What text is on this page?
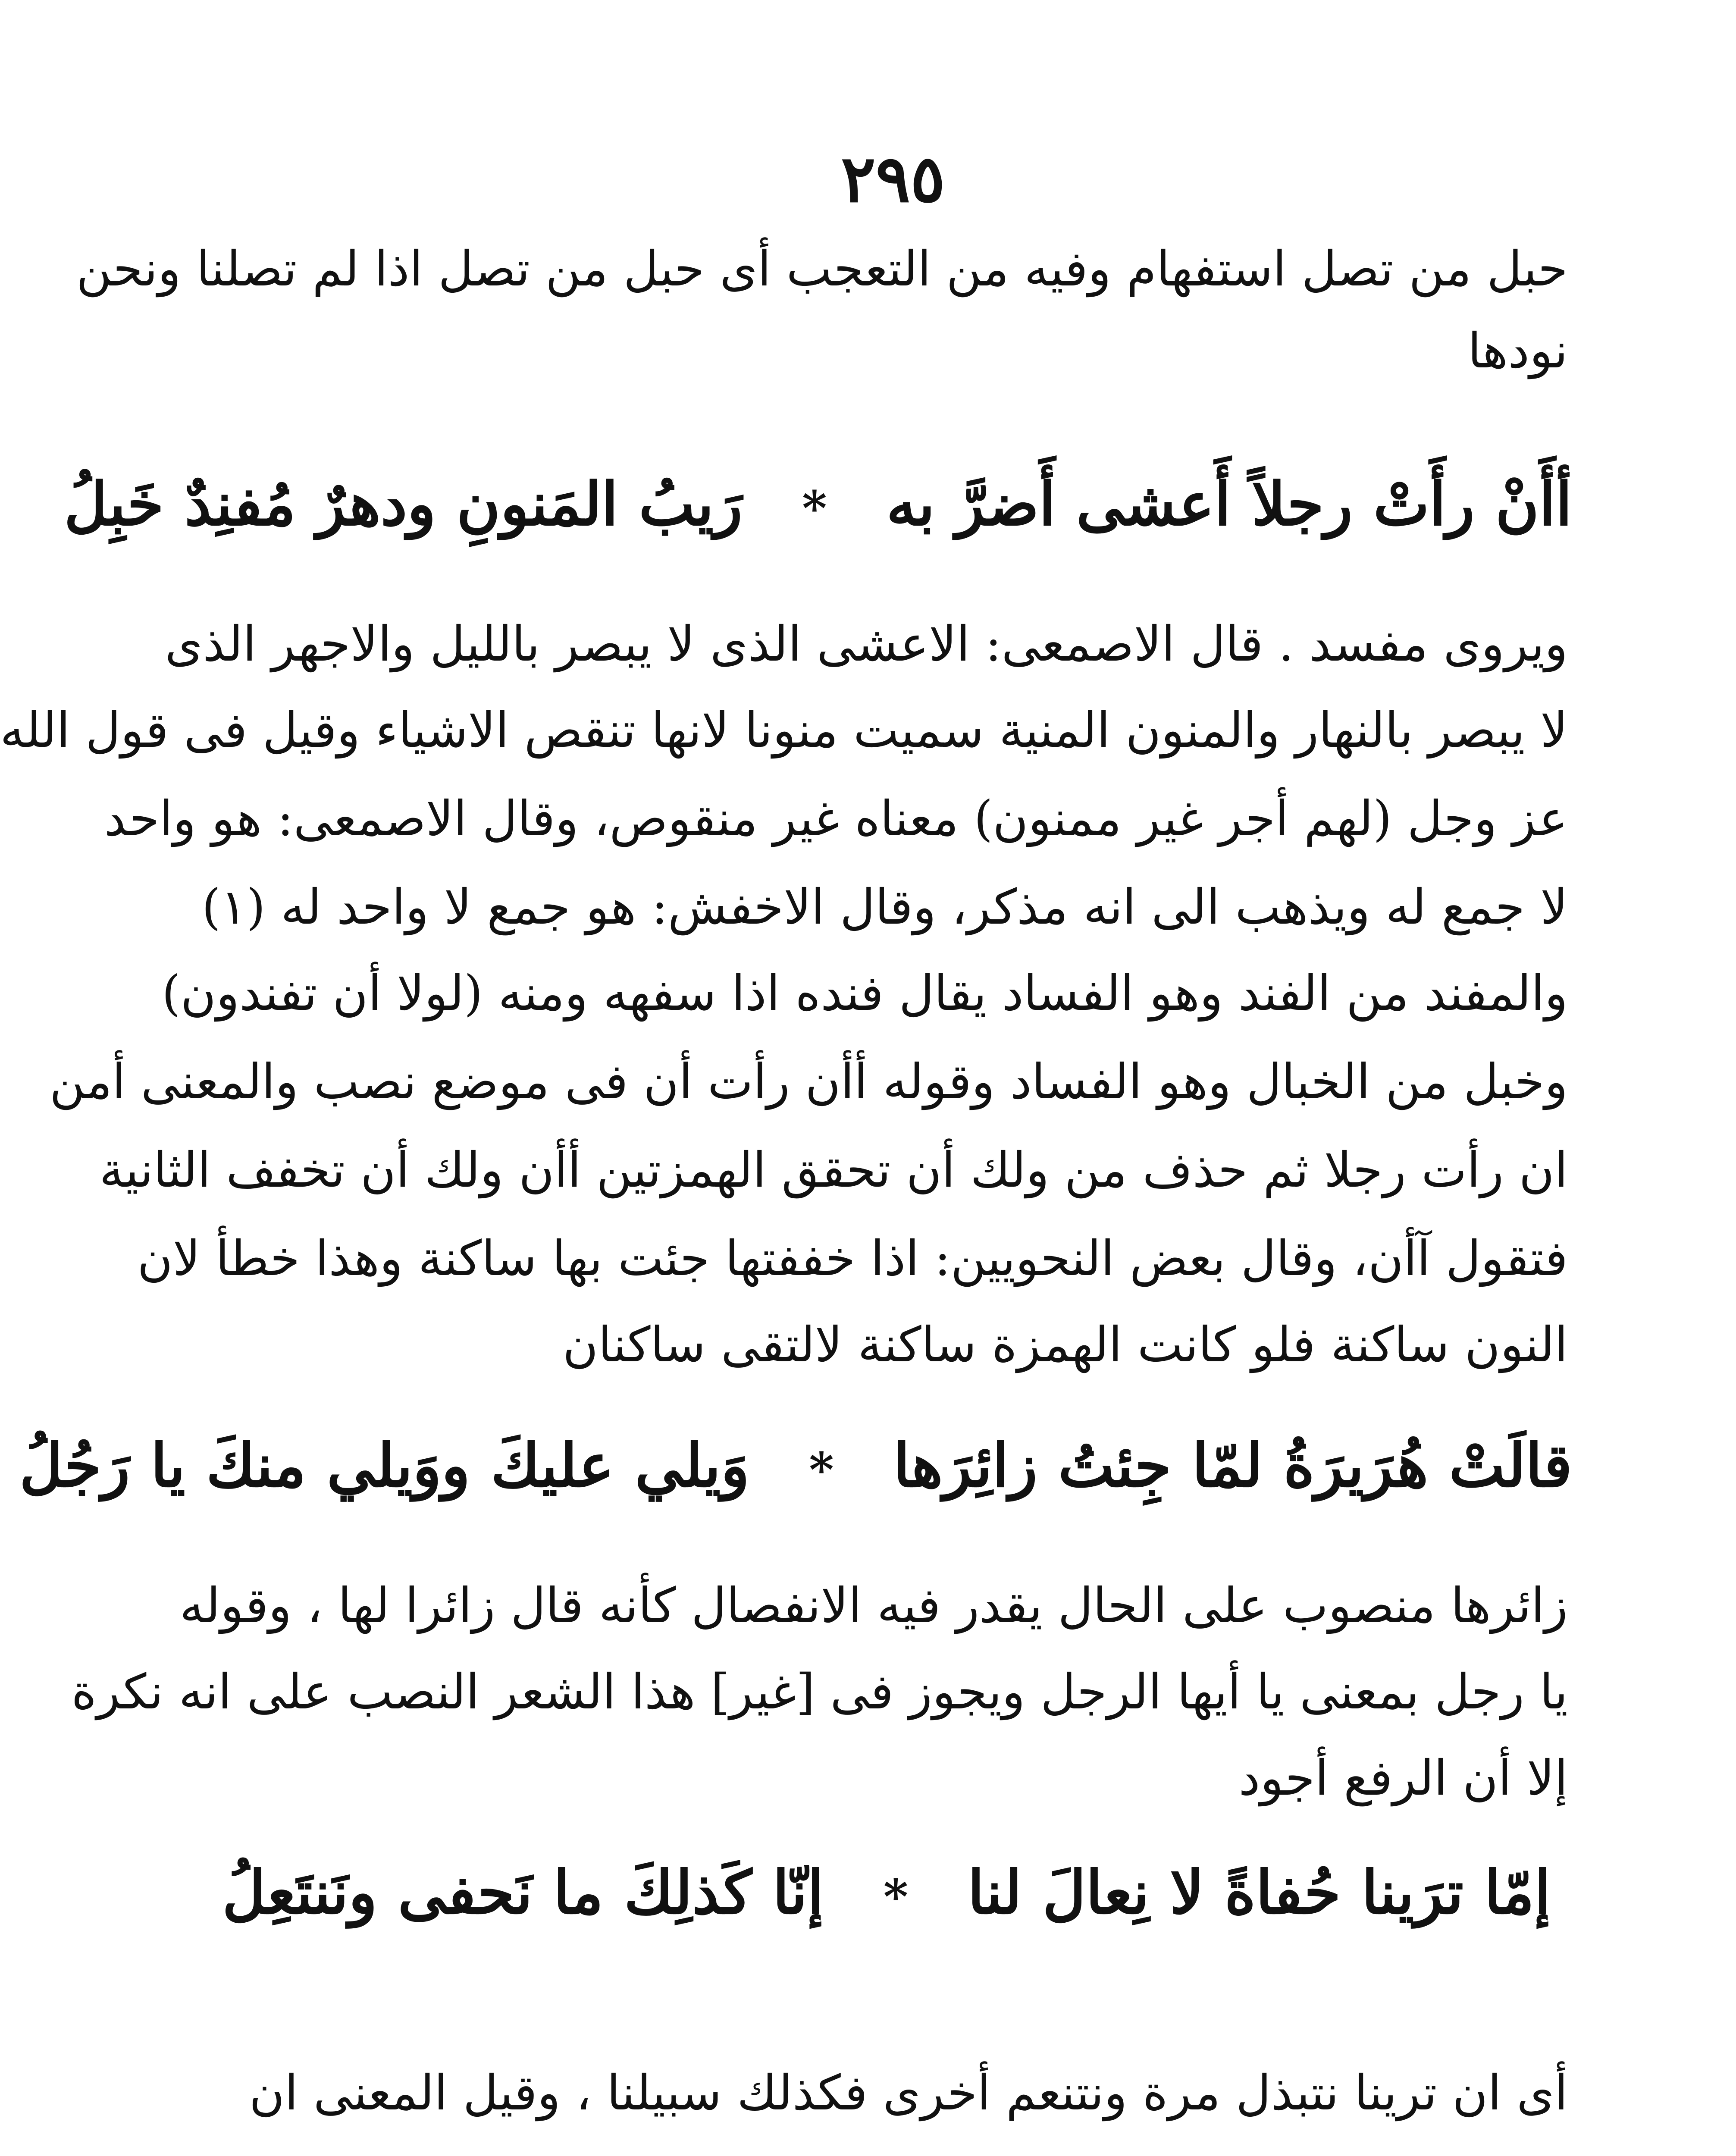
٢٩٥
حبل من تصل استفهام وفيه من التعجب أى حبل من تصل اذا لم تصلنا ونحن
نودها
أأَنْ رأَتْ رجلاً أَعشى أَضرَّ به * رَيبُ المَنونِ ودهرٌ مُفنِدٌ خَبِلُ
ويروى مفسد . قال الاصمعى: الاعشى الذى لا يبصر بالليل والاجهر الذى
لا يبصر بالنهار والمنون المنية سميت منونا لانها تنقص الاشياء وقيل فى قول الله
عز وجل (لهم أجر غير ممنون) معناه غير منقوص، وقال الاصمعى: هو واحد
لا جمع له ويذهب الى انه مذكر، وقال الاخفش: هو جمع لا واحد له (١)
والمفند من الفند وهو الفساد يقال فنده اذا سفهه ومنه (لولا أن تفندون)
وخبل من الخبال وهو الفساد وقوله أأن رأت أن فى موضع نصب والمعنى أمن
ان رأت رجلا ثم حذف من ولك أن تحقق الهمزتين أأن ولك أن تخفف الثانية
فتقول آأن، وقال بعض النحويين: اذا خففتها جئت بها ساكنة وهذا خطأ لان
النون ساكنة فلو كانت الهمزة ساكنة لالتقى ساكنان
قالَتْ هُرَيرَةُ لمّا جِئتُ زائِرَها * وَيلي عليكَ ووَيلي منكَ يا رَجُلُ
زائرها منصوب على الحال يقدر فيه الانفصال كأنه قال زائرا لها ، وقوله
يا رجل بمعنى يا أيها الرجل ويجوز فى [غير] هذا الشعر النصب على انه نكرة
إلا أن الرفع أجود
إمّا ترَينا حُفاةً لا نِعالَ لنا * إنّا كَذلِكَ ما نَحفى ونَنتَعِلُ
أى ان ترينا نتبذل مرة ونتنعم أخرى فكذلك سبيلنا ، وقيل المعنى ان
